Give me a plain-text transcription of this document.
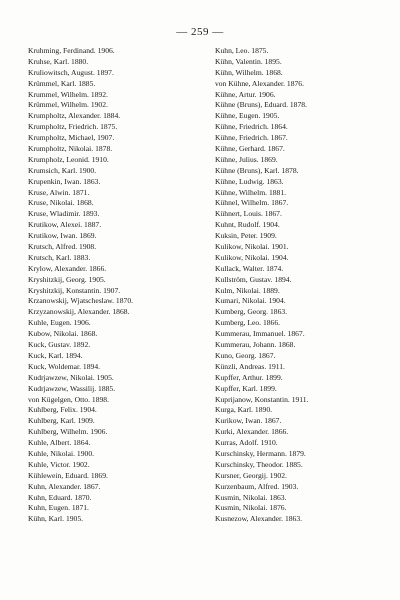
— 259 —
Kruhming, Ferdinand. 1906.
Kruhse, Karl. 1880.
Kruliowitsch, August. 1897.
Krümmel, Karl. 1885.
Krummel, Wilhelm. 1892.
Krümmel, Wilhelm. 1902.
Krumpholtz, Alexander. 1884.
Krumpholtz, Friedrich. 1875.
Krumpholtz, Michael, 1907.
Krumpholtz, Nikolai. 1878.
Krumpholz, Leonid. 1910.
Krumsich, Karl. 1900.
Krupenkin, Iwan. 1863.
Kruse, Alwin. 1871.
Kruse, Nikolai. 1868.
Kruse, Wladimir. 1893.
Krutikow, Alexei. 1887.
Krutikow, Iwan. 1869.
Krutsch, Alfred. 1908.
Krutsch, Karl. 1883.
Krylow, Alexander. 1866.
Kryshitzkij, Georg. 1905.
Kryshitzkij, Konstantin. 1907.
Krzanowskij, Wjatscheslaw. 1870.
Krzyzanowskij, Alexander. 1868.
Kuhle, Eugen. 1906.
Kubow, Nikolai. 1868.
Kuck, Gustav. 1892.
Kuck, Karl. 1894.
Kuck, Woldemar. 1894.
Kudrjawzew, Nikolai. 1905.
Kudrjawzew, Wassilij. 1885.
von Kügelgen, Otto. 1898.
Kuhlberg, Felix. 1904.
Kuhlberg, Karl. 1909.
Kuhlberg, Wilhelm. 1906.
Kuhle, Albert. 1864.
Kuhle, Nikolai. 1900.
Kuhle, Victor. 1902.
Kühlewein, Eduard. 1869.
Kuhn, Alexander. 1867.
Kuhn, Eduard. 1870.
Kuhn, Eugen. 1871.
Kühn, Karl. 1905.
Kuhn, Leo. 1875.
Kühn, Valentin. 1895.
Kühn, Wilhelm. 1868.
von Kühne, Alexander. 1876.
Kühne, Artur. 1906.
Kühne (Bruns), Eduard. 1878.
Kühne, Eugen. 1905.
Kühne, Friedrich. 1864.
Kühne, Friedrich. 1867.
Kühne, Gerhard. 1867.
Kühne, Julius. 1869.
Kühne (Bruns), Karl. 1878.
Kühne, Ludwig. 1863.
Kühne, Wilhelm. 1881.
Kühnel, Wilhelm. 1867.
Kühnert, Louis. 1867.
Kuhnt, Rudolf. 1904.
Kuksin, Peter. 1909.
Kulikow, Nikolai. 1901.
Kulikow, Nikolai. 1904.
Kullack, Walter. 1874.
Kullström, Gustav. 1894.
Kulm, Nikolai. 1889.
Kumari, Nikolai. 1904.
Kumberg, Georg. 1863.
Kumberg, Leo. 1866.
Kummerau, Immanuel. 1867.
Kummerau, Johann. 1868.
Kuno, Georg. 1867.
Künzli, Andreas. 1911.
Kupffer, Arthur. 1899.
Kupffer, Karl. 1899.
Kuprijanow, Konstantin. 1911.
Kurga, Karl. 1890.
Kurikow, Iwan. 1867.
Kurki, Alexander. 1866.
Kurras, Adolf. 1910.
Kurschinsky, Hermann. 1879.
Kurschinsky, Theodor. 1885.
Kursner, Georgij. 1902.
Kurzenbaum, Alfred. 1903.
Kusmin, Nikolai. 1863.
Kusmin, Nikolai. 1876.
Kusnezow, Alexander. 1863.
